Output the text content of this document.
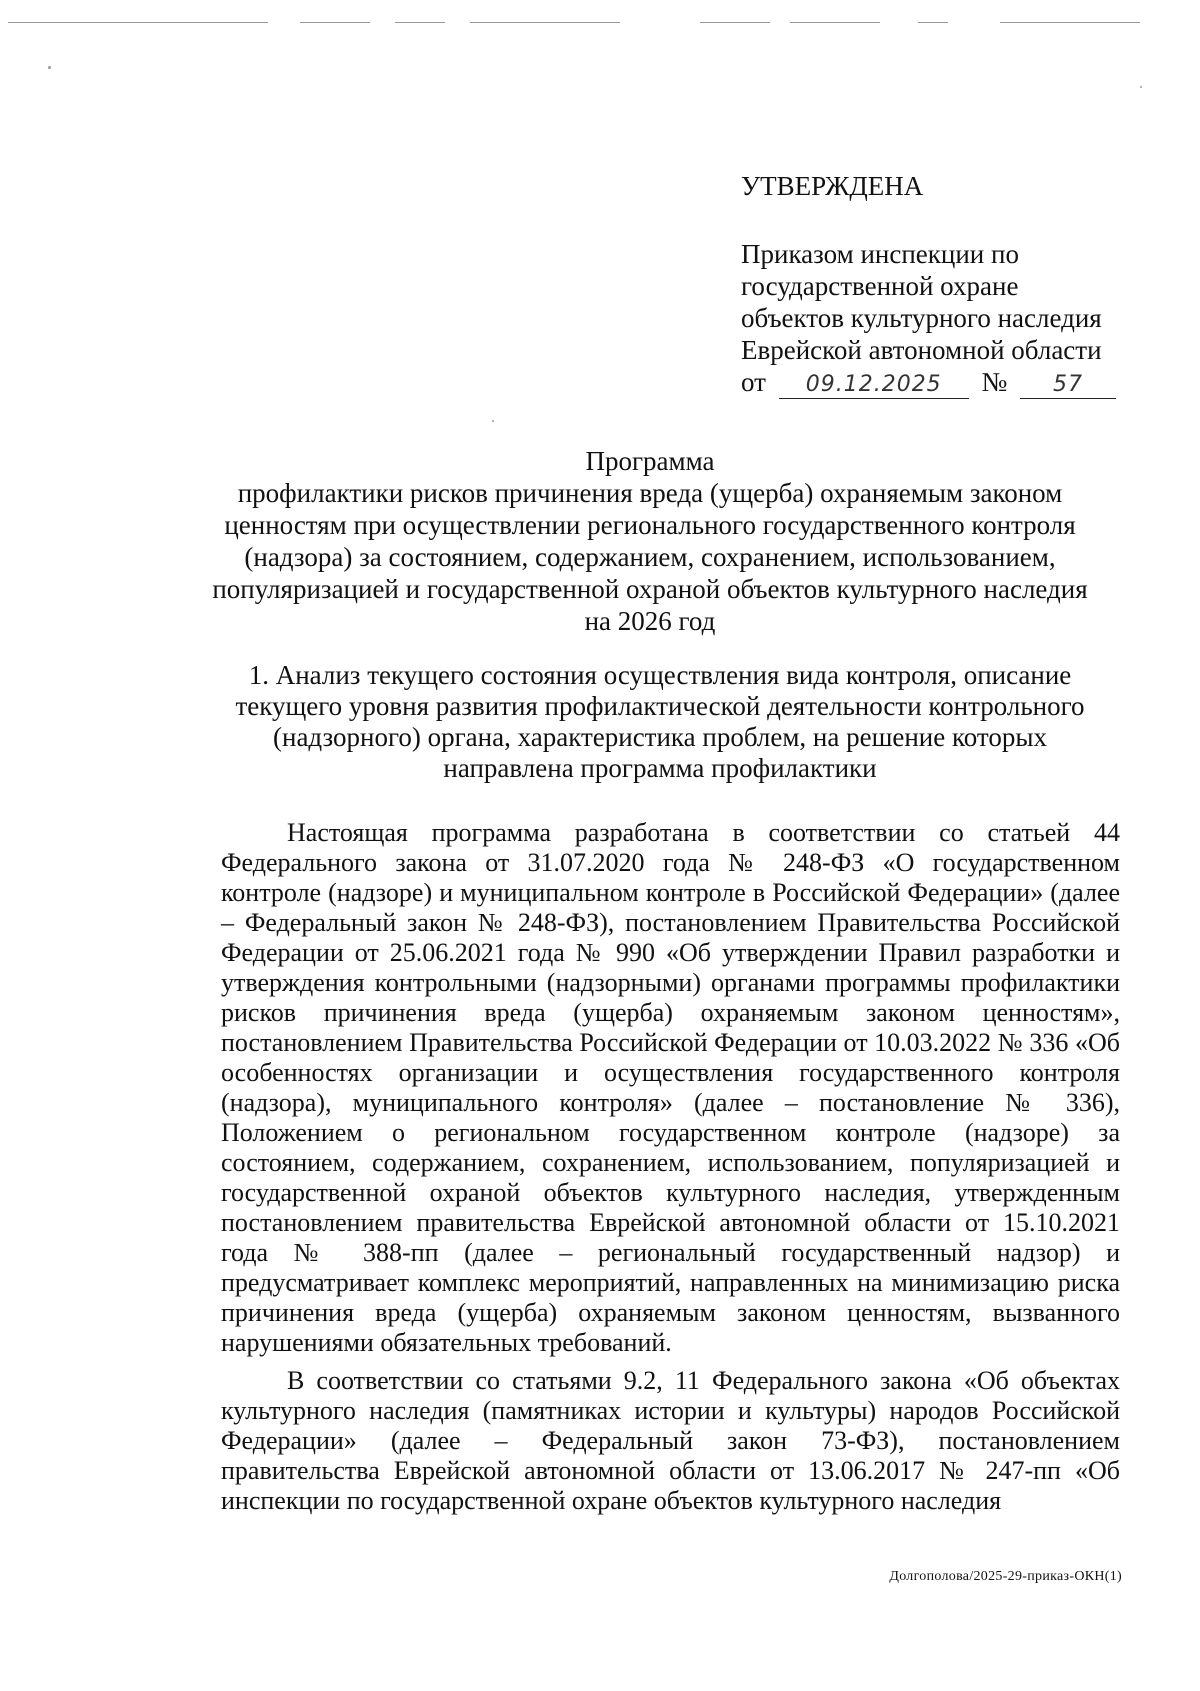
УТВЕРЖДЕНА
Приказом инспекции по
государственной охране
объектов культурного наследия
Еврейской автономной области
от 09.12.2025 № 57
Программа
профилактики рисков причинения вреда (ущерба) охраняемым законом ценностям при осуществлении регионального государственного контроля (надзора) за состоянием, содержанием, сохранением, использованием, популяризацией и государственной охраной объектов культурного наследия
на 2026 год
1. Анализ текущего состояния осуществления вида контроля, описание текущего уровня развития профилактической деятельности контрольного (надзорного) органа, характеристика проблем, на решение которых направлена программа профилактики

Настоящая программа разработана в соответствии со статьей 44 Федерального закона от 31.07.2020 года № 248-ФЗ «О государственном контроле (надзоре) и муниципальном контроле в Российской Федерации» (далее – Федеральный закон № 248-ФЗ), постановлением Правительства Российской Федерации от 25.06.2021 года № 990 «Об утверждении Правил разработки и утверждения контрольными (надзорными) органами программы профилактики рисков причинения вреда (ущерба) охраняемым законом ценностям», постановлением Правительства Российской Федерации от 10.03.2022 № 336 «Об особенностях организации и осуществления государственного контроля (надзора), муниципального контроля» (далее – постановление № 336), Положением о региональном государственном контроле (надзоре) за состоянием, содержанием, сохранением, использованием, популяризацией и государственной охраной объектов культурного наследия, утвержденным постановлением правительства Еврейской автономной области от 15.10.2021 года № 388-пп (далее – региональный государственный надзор) и предусматривает комплекс мероприятий, направленных на минимизацию риска причинения вреда (ущерба) охраняемым законом ценностям, вызванного нарушениями обязательных требований.

В соответствии со статьями 9.2, 11 Федерального закона «Об объектах культурного наследия (памятниках истории и культуры) народов Российской Федерации» (далее – Федеральный закон 73-ФЗ), постановлением правительства Еврейской автономной области от 13.06.2017 № 247-пп «Об инспекции по государственной охране объектов культурного наследия

Долгополова/2025-29-приказ-ОКН(1)
